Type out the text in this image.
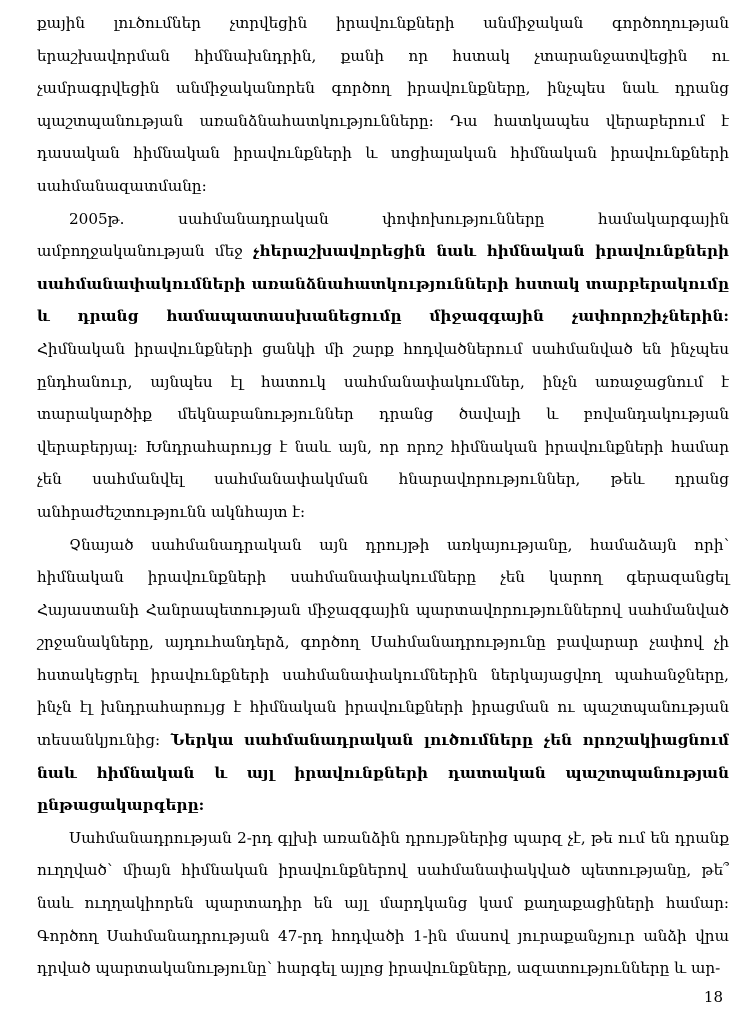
քային լուծումներ չտրվեցին իրավունքների անմիջական գործողության երաշխավորման հիմնախնդրին, քանի որ հստակ չտարանջատվեցին ու չամրագրվեցին անմիջականորեն գործող իրավունքները, ինչպես նաև դրանց պաշտպանության առանձնահատկությունները: Դա հատկապես վերաբերում է դասական հիմնական իրավունքների և սոցիալական հիմնական իրավունքների սահմանազատմանը:

2005թ. սահմանադրական փոփոխությունները համակարգային ամբողջականության մեջ չհերաշխավորեցին նաև հիմնական իրավունքների սահմանափակումների առանձնահատկությունների հստակ տարբերակումը և դրանց համապատասխանեցումը միջազգային չափորոշիչներին: Հիմնական իրավունքների ցանկի մի շարք հոդվածներում սահմանված են ինչպես ընդհանուր, այնպես էլ հատուկ սահմանափակումներ, ինչն առաջացնում է տարակարծիք մեկնաբանություններ դրանց ծավալի և բովանդակության վերաբերյալ: Խնդրահարույց է նաև այն, որ որոշ հիմնական իրավունքների համար չեն սահմանվել սահմանափակման հնարավորություններ, թեև դրանց անհրաժեշտությունն ակնհայտ է:

Չնայած սահմանադրական այն դրույթի առկայությանը, համաձայն որի՝ հիմնական իրավունքների սահմանափակումները չեն կարող գերազանցել Հայաստանի Հանրապետության միջազգային պարտավորություններով սահմանված շրջանակները, այդուհանդերձ, գործող Սահմանադրությունը բավարար չափով չի հստակեցրել իրավունքների սահմանափակումներին ներկայացվող պահանջները, ինչն էլ խնդրահարույց է հիմնական իրավունքների իրացման ու պաշտպանության տեսանկյունից: Ներկա սահմանադրական լուծումները չեն որոշակիացնում նաև հիմնական և այլ իրավունքների դատական պաշտպանության ընթացակարգերը:

Սահմանադրության 2-րդ գլխի առանձին դրույթներից պարզ չէ, թե ում են դրանք ուղղված՝ միայն հիմնական իրավունքներով սահմանափակված պետությանը, թե՞ նաև ուղղակիորեն պարտադիր են այլ մարդկանց կամ քաղաքացիների համար: Գործող Սահմանադրության 47-րդ հոդվածի 1-ին մասով յուրաքանչյուր անձի վրա դրված պարտականությունը՝ հարգել այլոց իրավունքները, ազատությունները և ար-

18
